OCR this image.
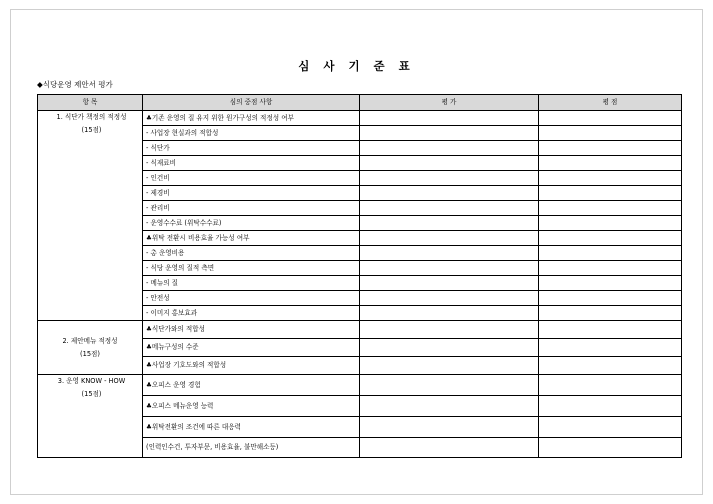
심 사 기 준 표
◆식당운영 제안서 평가
항 목	심의 중점 사항	평 가	평 점

1. 식단가 책정의 적정성
(15점)	♣기존 운영의 질 유지 위한 원가구성의 적정성 여부		
	- 사업장 현실과의 적합성		
	- 식단가		
	- 식재료비		
	- 인건비		
	- 제경비		
	- 관리비		
	- 운영수수료 (위탁수수료)		
	♣위탁 전환시 비용효율 가능성 여부		
	- 총 운영비용		
	- 식당 운영의 질적 측면		
	- 메뉴의 질		
	- 안전성		
	- 이미지 홍보효과		

2. 제안메뉴 적정성
(15점)	♣식단가와의 적합성		
	♣메뉴구성의 수준		
	♣사업장 기호도와의 적합성		

3. 운영 KNOW - HOW
(15점)	♣오피스 운영 경험		
	♣오피스 메뉴운영 능력		
	♣위탁전환의 조건에 따른 대응력		
	(인력인수건, 투자부문, 비용효율, 불만해소등)		
